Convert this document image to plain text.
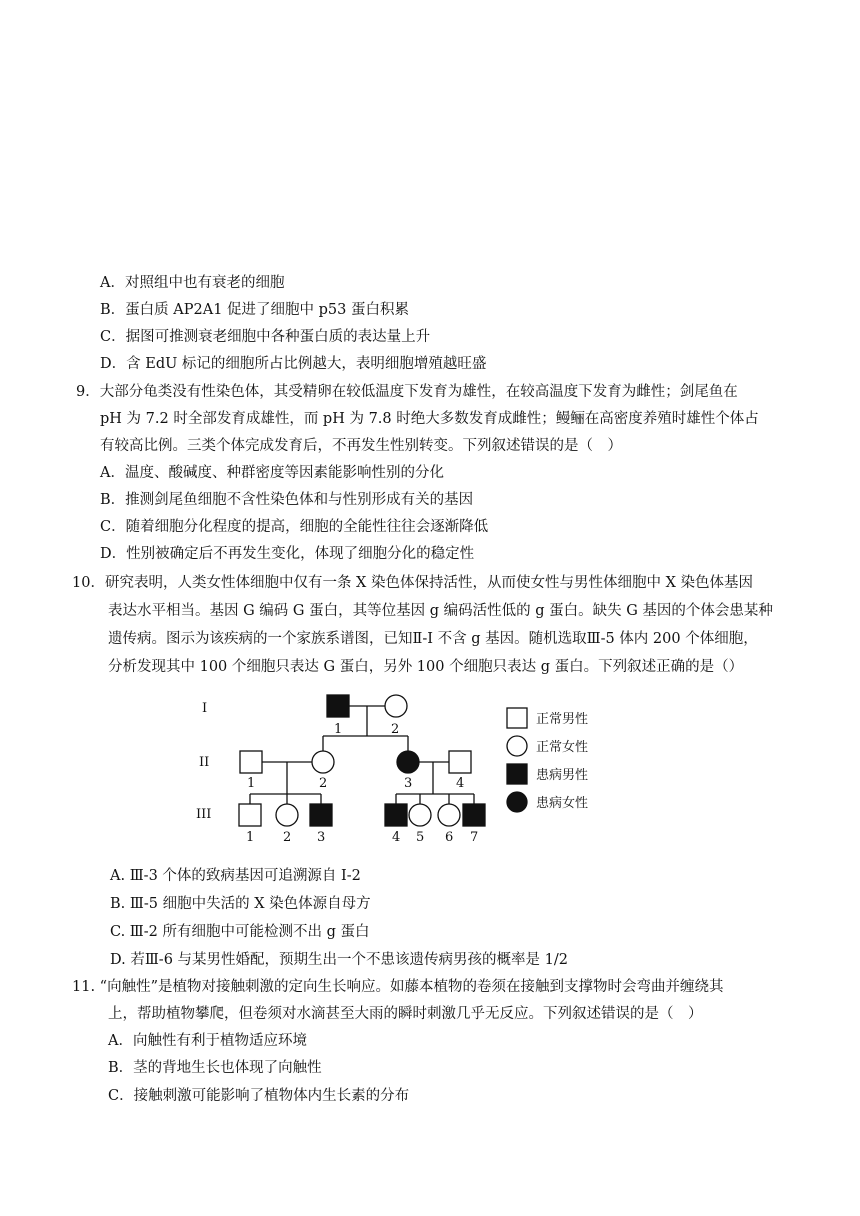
A．对照组中也有衰老的细胞
B．蛋白质 AP2A1 促进了细胞中 p53 蛋白积累
C．据图可推测衰老细胞中各种蛋白质的表达量上升
D．含 EdU 标记的细胞所占比例越大，表明细胞增殖越旺盛
9．大部分龟类没有性染色体，其受精卵在较低温度下发育为雄性，在较高温度下发育为雌性；剑尾鱼在
pH 为 7.2 时全部发育成雄性，而 pH 为 7.8 时绝大多数发育成雌性；鳗鲡在高密度养殖时雄性个体占
有较高比例。三类个体完成发育后，不再发生性别转变。下列叙述错误的是（　）
A．温度、酸碱度、种群密度等因素能影响性别的分化
B．推测剑尾鱼细胞不含性染色体和与性别形成有关的基因
C．随着细胞分化程度的提高，细胞的全能性往往会逐渐降低
D．性别被确定后不再发生变化，体现了细胞分化的稳定性
10．研究表明，人类女性体细胞中仅有一条 X 染色体保持活性，从而使女性与男性体细胞中 X 染色体基因
表达水平相当。基因 G 编码 G 蛋白，其等位基因 g 编码活性低的 g 蛋白。缺失 G 基因的个体会患某种
遗传病。图示为该疾病的一个家族系谱图，已知Ⅱ-I 不含 g 基因。随机选取Ⅲ-5 体内 200 个体细胞，
分析发现其中 100 个细胞只表达 G 蛋白，另外 100 个细胞只表达 g 蛋白。下列叙述正确的是（）
I
II
III
1	2
1	2	3	4
1 2 3	4 5 6 7
正常男性
正常女性
患病男性
患病女性
A. Ⅲ-3 个体的致病基因可追溯源自 I-2
B. Ⅲ-5 细胞中失活的 X 染色体源自母方
C. Ⅲ-2 所有细胞中可能检测不出 g 蛋白
D. 若Ⅲ-6 与某男性婚配，预期生出一个不患该遗传病男孩的概率是 1/2
11. “向触性”是植物对接触刺激的定向生长响应。如藤本植物的卷须在接触到支撑物时会弯曲并缠绕其
上，帮助植物攀爬，但卷须对水滴甚至大雨的瞬时刺激几乎无反应。下列叙述错误的是（　）
A．向触性有利于植物适应环境
B．茎的背地生长也体现了向触性
C．接触刺激可能影响了植物体内生长素的分布
